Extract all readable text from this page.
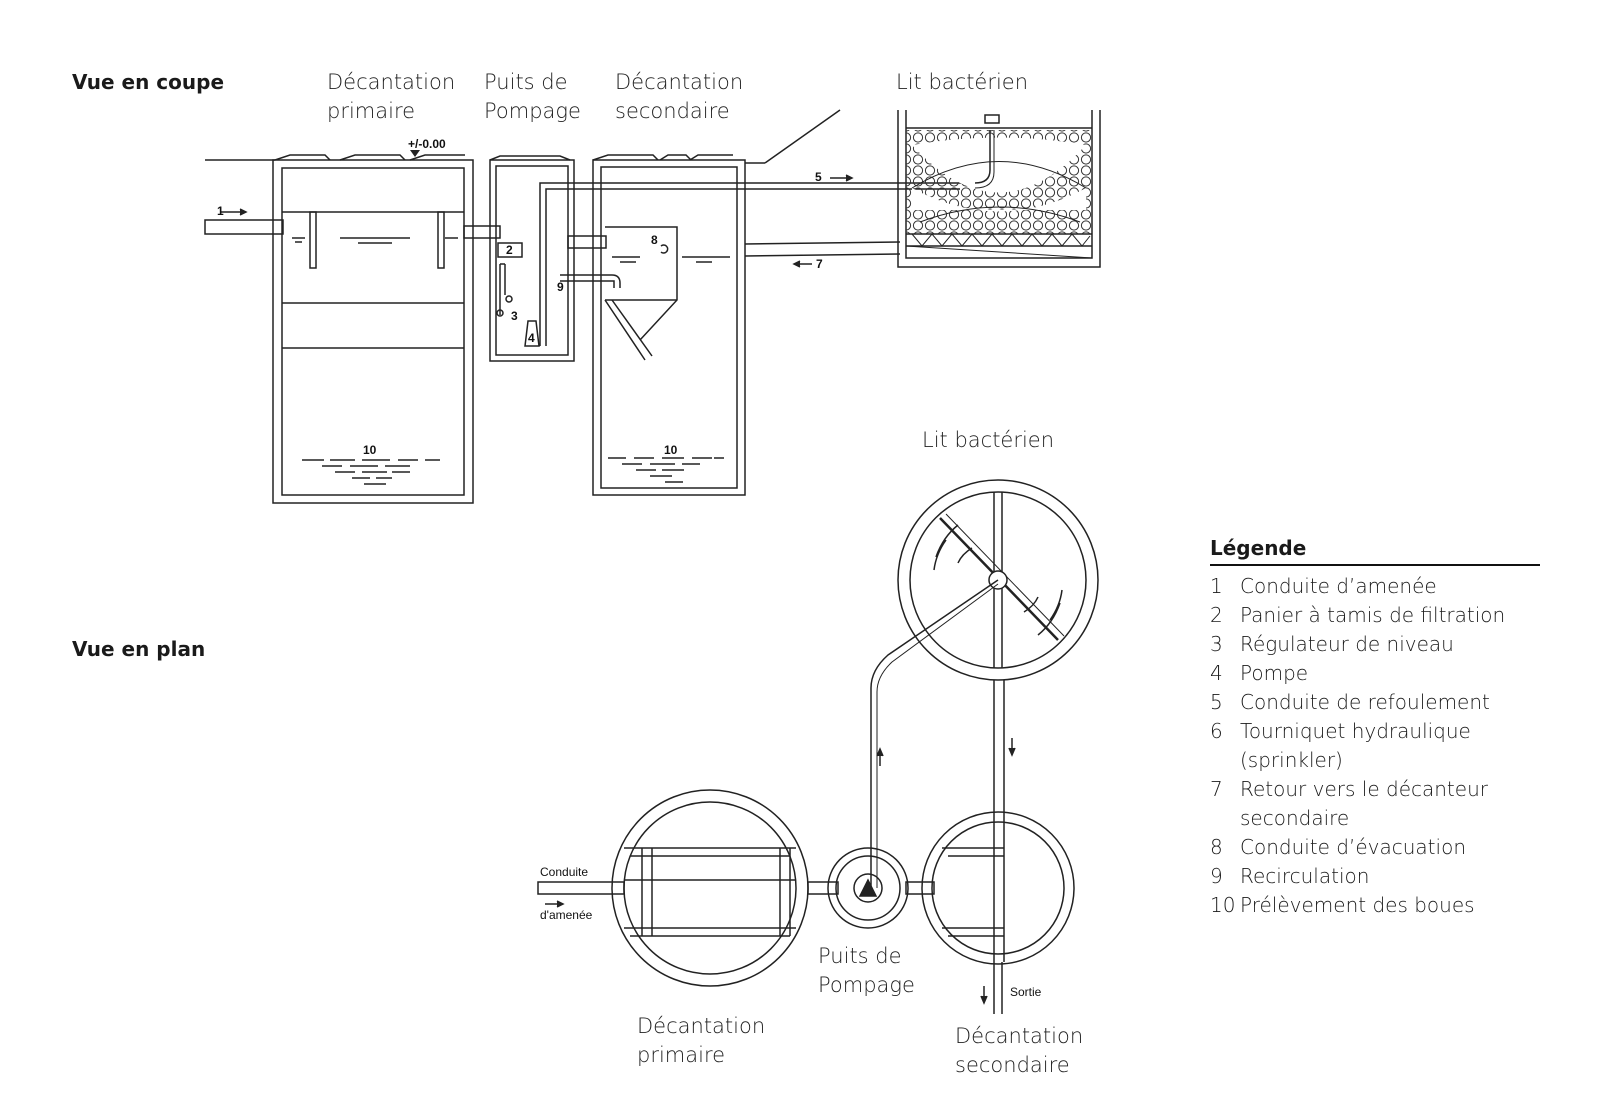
+/-0.00
1
2
3
4
5
7
8
9
10	10
Conduite
d'amenée
Sortie
Vue en coupe
Vue en plan
Décantation
primaire
Puits de
Pompage
Décantation
secondaire
Lit bactérien
Lit bactérien
Puits de
Pompage
Décantation
primaire
Décantation
secondaire
Légende
1 Conduite d’amenée
2 Panier à tamis de filtration
3 Régulateur de niveau
4 Pompe
5 Conduite de refoulement
6 Tourniquet hydraulique (sprinkler)
7 Retour vers le décanteur secondaire
8 Conduite d’évacuation
9 Recirculation
10 Prélèvement des boues
